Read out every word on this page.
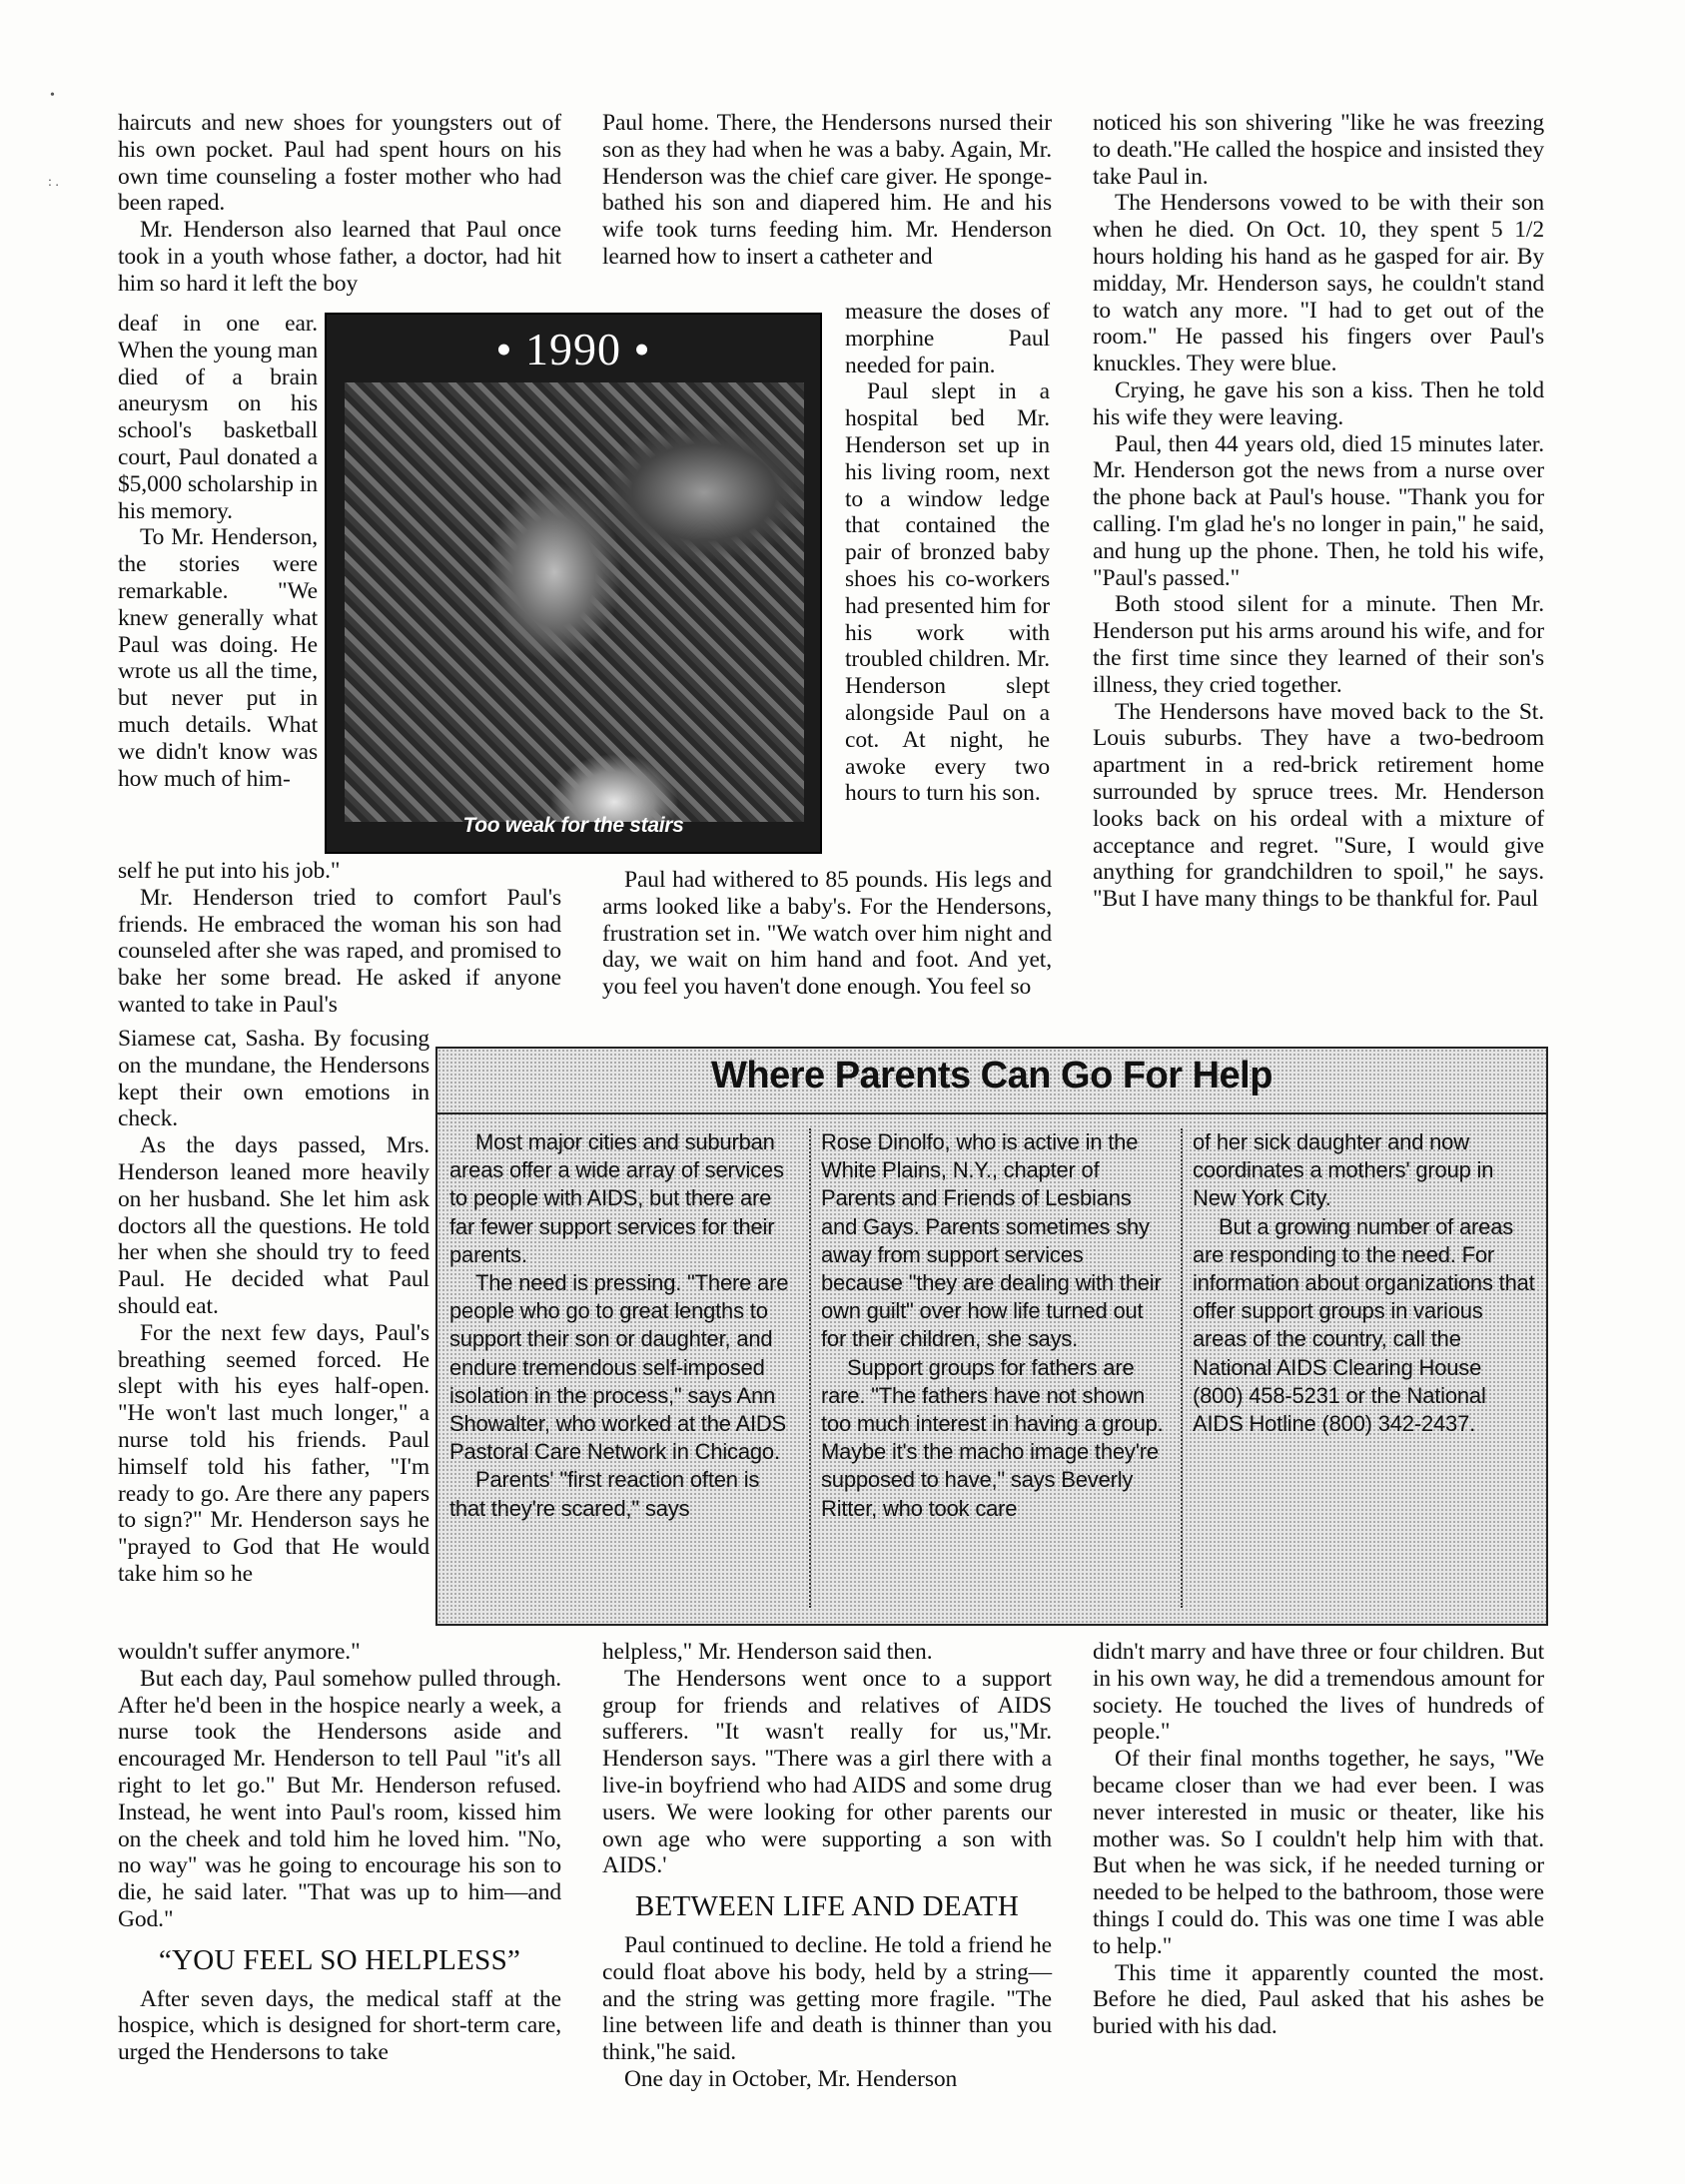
•
: .

haircuts and new shoes for youngsters out of his own pocket. Paul had spent hours on his own time counseling a foster mother who had been raped.

Mr. Henderson also learned that Paul once took in a youth whose father, a doctor, had hit him so hard it left the boy

deaf in one ear. When the young man died of a brain aneurysm on his school's basketball court, Paul donated a $5,000 scholarship in his memory.

To Mr. Henderson, the stories were remarkable. "We knew generally what Paul was doing. He wrote us all the time, but never put in much details. What we didn't know was how much of him-

self he put into his job."

Mr. Henderson tried to comfort Paul's friends. He embraced the woman his son had counseled after she was raped, and promised to bake her some bread. He asked if anyone wanted to take in Paul's

Siamese cat, Sasha. By focusing on the mundane, the Hendersons kept their own emotions in check.

As the days passed, Mrs. Henderson leaned more heavily on her husband. She let him ask doctors all the questions. He told her when she should try to feed Paul. He decided what Paul should eat.

For the next few days, Paul's breathing seemed forced. He slept with his eyes half-open. "He won't last much longer," a nurse told his friends. Paul himself told his father, "I'm ready to go. Are there any papers to sign?" Mr. Henderson says he "prayed to God that He would take him so he

wouldn't suffer anymore."

But each day, Paul somehow pulled through. After he'd been in the hospice nearly a week, a nurse took the Hendersons aside and encouraged Mr. Henderson to tell Paul "it's all right to let go." But Mr. Henderson refused. Instead, he went into Paul's room, kissed him on the cheek and told him he loved him. "No, no way" was he going to encourage his son to die, he said later. "That was up to him—and God."

“YOU FEEL SO HELPLESS”

After seven days, the medical staff at the hospice, which is designed for short-term care, urged the Hendersons to take

Paul home. There, the Hendersons nursed their son as they had when he was a baby. Again, Mr. Henderson was the chief care giver. He sponge-bathed his son and diapered him. He and his wife took turns feeding him. Mr. Henderson learned how to insert a catheter and

measure the doses of morphine Paul needed for pain.

Paul slept in a hospital bed Mr. Henderson set up in his living room, next to a window ledge that contained the pair of bronzed baby shoes his co-workers had presented him for his work with troubled children. Mr. Henderson slept alongside Paul on a cot. At night, he awoke every two hours to turn his son.

Paul had withered to 85 pounds. His legs and arms looked like a baby's. For the Hendersons, frustration set in. "We watch over him night and day, we wait on him hand and foot. And yet, you feel you haven't done enough. You feel so

helpless," Mr. Henderson said then.

The Hendersons went once to a support group for friends and relatives of AIDS sufferers. "It wasn't really for us,"Mr. Henderson says. "There was a girl there with a live-in boyfriend who had AIDS and some drug users. We were looking for other parents our own age who were supporting a son with AIDS.'

BETWEEN LIFE AND DEATH

Paul continued to decline. He told a friend he could float above his body, held by a string—and the string was getting more fragile. "The line between life and death is thinner than you think,"he said.

One day in October, Mr. Henderson

noticed his son shivering "like he was freezing to death."He called the hospice and insisted they take Paul in.

The Hendersons vowed to be with their son when he died. On Oct. 10, they spent 5 1/2 hours holding his hand as he gasped for air. By midday, Mr. Henderson says, he couldn't stand to watch any more. "I had to get out of the room." He passed his fingers over Paul's knuckles. They were blue.

Crying, he gave his son a kiss. Then he told his wife they were leaving.

Paul, then 44 years old, died 15 minutes later. Mr. Henderson got the news from a nurse over the phone back at Paul's house. "Thank you for calling. I'm glad he's no longer in pain," he said, and hung up the phone. Then, he told his wife, "Paul's passed."

Both stood silent for a minute. Then Mr. Henderson put his arms around his wife, and for the first time since they learned of their son's illness, they cried together.

The Hendersons have moved back to the St. Louis suburbs. They have a two-bedroom apartment in a red-brick retirement home surrounded by spruce trees. Mr. Henderson looks back on his ordeal with a mixture of acceptance and regret. "Sure, I would give anything for grandchildren to spoil," he says. "But I have many things to be thankful for. Paul

didn't marry and have three or four children. But in his own way, he did a tremendous amount for society. He touched the lives of hundreds of people."

Of their final months together, he says, "We became closer than we had ever been. I was never interested in music or theater, like his mother was. So I couldn't help him with that. But when he was sick, if he needed turning or needed to be helped to the bathroom, those were things I could do. This was one time I was able to help."

This time it apparently counted the most. Before he died, Paul asked that his ashes be buried with his dad.

• 1990 •
Too weak for the stairs
Where Parents Can Go For Help

Most major cities and suburban areas offer a wide array of services to people with AIDS, but there are far fewer support services for their parents.

The need is pressing. "There are people who go to great lengths to support their son or daughter, and endure tremendous self-imposed isolation in the process," says Ann Showalter, who worked at the AIDS Pastoral Care Network in Chicago.

Parents' "first reaction often is that they're scared," says

Rose Dinolfo, who is active in the White Plains, N.Y., chapter of Parents and Friends of Lesbians and Gays. Parents sometimes shy away from support services because "they are dealing with their own guilt" over how life turned out for their children, she says.

Support groups for fathers are rare. "The fathers have not shown too much interest in having a group. Maybe it's the macho image they're supposed to have," says Beverly Ritter, who took care

of her sick daughter and now coordinates a mothers' group in New York City.

But a growing number of areas are responding to the need. For information about organizations that offer support groups in various areas of the country, call the National AIDS Clearing House (800) 458-5231 or the National AIDS Hotline (800) 342-2437.
